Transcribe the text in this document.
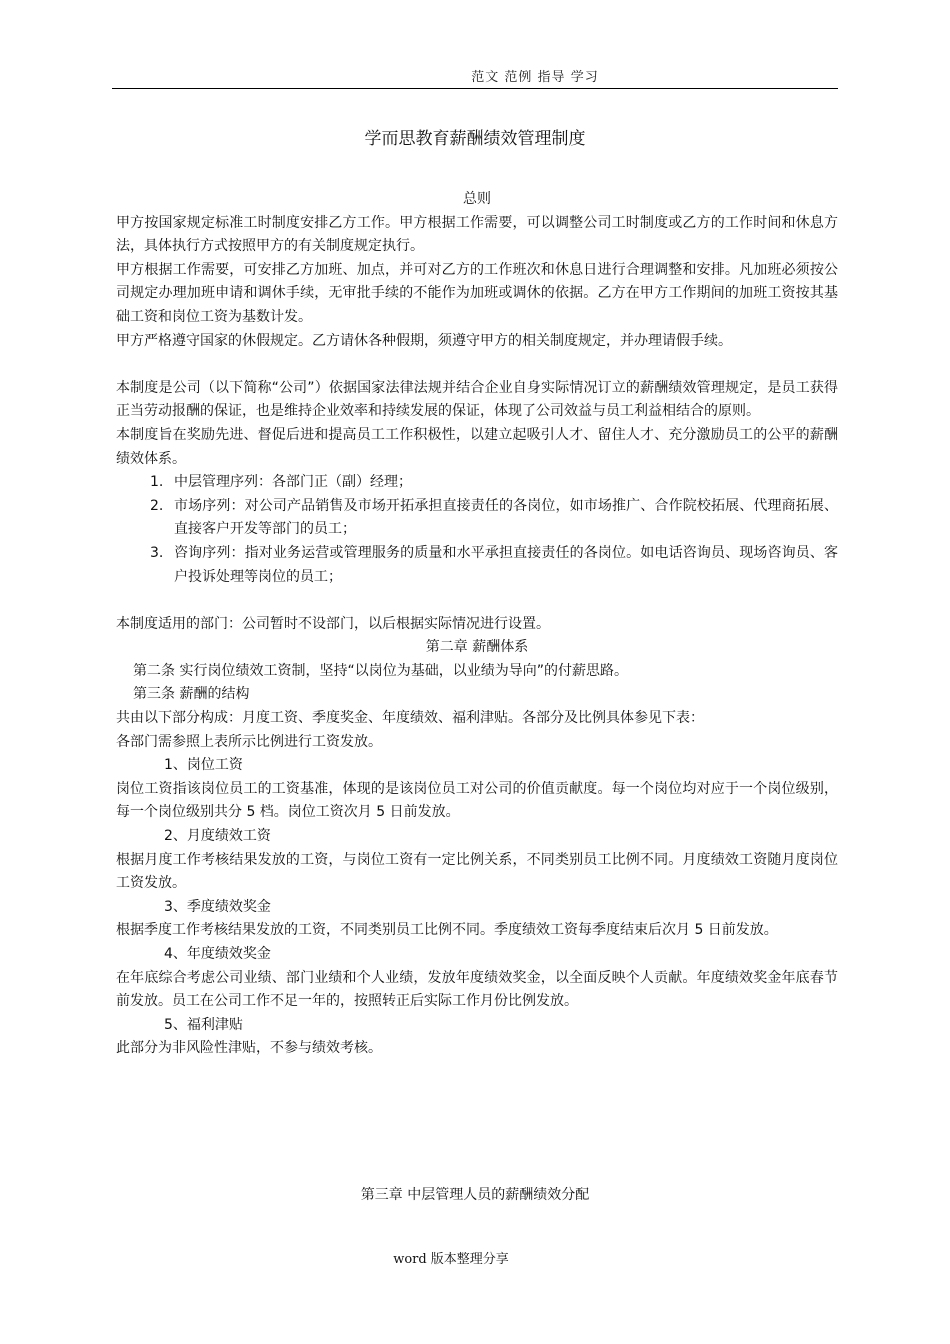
范文 范例 指导 学习
学而思教育薪酬绩效管理制度

总则

甲方按国家规定标准工时制度安排乙方工作。甲方根据工作需要，可以调整公司工时制度或乙方的工作时间和休息方法，具体执行方式按照甲方的有关制度规定执行。

甲方根据工作需要，可安排乙方加班、加点，并可对乙方的工作班次和休息日进行合理调整和安排。凡加班必须按公司规定办理加班申请和调休手续，无审批手续的不能作为加班或调休的依据。乙方在甲方工作期间的加班工资按其基础工资和岗位工资为基数计发。

甲方严格遵守国家的休假规定。乙方请休各种假期，须遵守甲方的相关制度规定，并办理请假手续。

本制度是公司（以下简称“公司”）依据国家法律法规并结合企业自身实际情况订立的薪酬绩效管理规定，是员工获得正当劳动报酬的保证，也是维持企业效率和持续发展的保证，体现了公司效益与员工利益相结合的原则。

本制度旨在奖励先进、督促后进和提高员工工作积极性，以建立起吸引人才、留住人才、充分激励员工的公平的薪酬绩效体系。

1. 中层管理序列：各部门正（副）经理；
2. 市场序列：对公司产品销售及市场开拓承担直接责任的各岗位，如市场推广、合作院校拓展、代理商拓展、直接客户开发等部门的员工；
3. 咨询序列：指对业务运营或管理服务的质量和水平承担直接责任的各岗位。如电话咨询员、现场咨询员、客户投诉处理等岗位的员工；

本制度适用的部门：公司暂时不设部门，以后根据实际情况进行设置。

第二章 薪酬体系

第二条 实行岗位绩效工资制，坚持“以岗位为基础，以业绩为导向”的付薪思路。

第三条 薪酬的结构

共由以下部分构成：月度工资、季度奖金、年度绩效、福利津贴。各部分及比例具体参见下表：

各部门需参照上表所示比例进行工资发放。

1、岗位工资

岗位工资指该岗位员工的工资基准，体现的是该岗位员工对公司的价值贡献度。每一个岗位均对应于一个岗位级别，每一个岗位级别共分 5 档。岗位工资次月 5 日前发放。

2、月度绩效工资

根据月度工作考核结果发放的工资，与岗位工资有一定比例关系，不同类别员工比例不同。月度绩效工资随月度岗位工资发放。

3、季度绩效奖金

根据季度工作考核结果发放的工资，不同类别员工比例不同。季度绩效工资每季度结束后次月 5 日前发放。

4、年度绩效奖金

在年底综合考虑公司业绩、部门业绩和个人业绩，发放年度绩效奖金，以全面反映个人贡献。年度绩效奖金年底春节前发放。员工在公司工作不足一年的，按照转正后实际工作月份比例发放。

5、福利津贴

此部分为非风险性津贴，不参与绩效考核。

第三章 中层管理人员的薪酬绩效分配
word 版本整理分享
